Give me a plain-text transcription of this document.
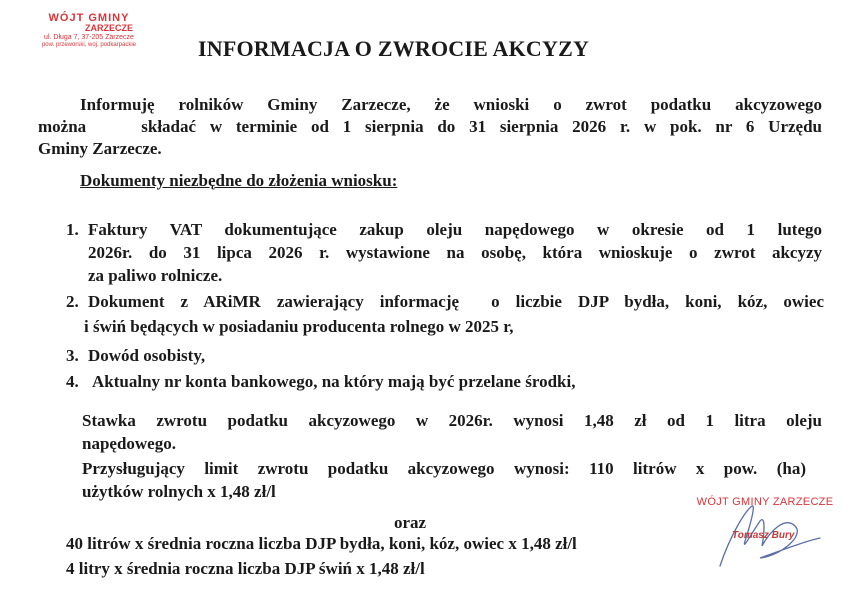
WÓJT GMINY
ZARZECZE
ul. Długa 7, 37-205 Zarzecze
pow. przeworski, woj. podkarpackie	INFORMACJA O ZWROCIE AKCYZY
Informuję rolników Gminy Zarzecze, że wnioski o zwrot podatku akcyzowego
można    składać w terminie od 1 sierpnia do 31 sierpnia 2026 r. w pok. nr 6 Urzędu
Gminy Zarzecze.
Dokumenty niezbędne do złożenia wniosku:
1. Faktury VAT dokumentujące zakup oleju napędowego w okresie od 1 lutego
2026r. do 31 lipca 2026 r. wystawione na osobę, która wnioskuje o zwrot akcyzy
za paliwo rolnicze.
2. Dokument z ARiMR zawierający informację  o liczbie DJP bydła, koni, kóz, owiec
i świń będących w posiadaniu producenta rolnego w 2025 r,
3. Dowód osobisty,
4. Aktualny nr konta bankowego, na który mają być przelane środki,
Stawka zwrotu podatku akcyzowego w 2026r. wynosi 1,48 zł od 1 litra oleju
napędowego.
Przysługujący limit zwrotu podatku akcyzowego wynosi: 110 litrów x pow. (ha)
użytków rolnych x 1,48 zł/l
oraz
40 litrów x średnia roczna liczba DJP bydła, koni, kóz, owiec x 1,48 zł/l
4 litry x średnia roczna liczba DJP świń x 1,48 zł/l
WÓJT GMINY ZARZECZE
Tomasz Bury
